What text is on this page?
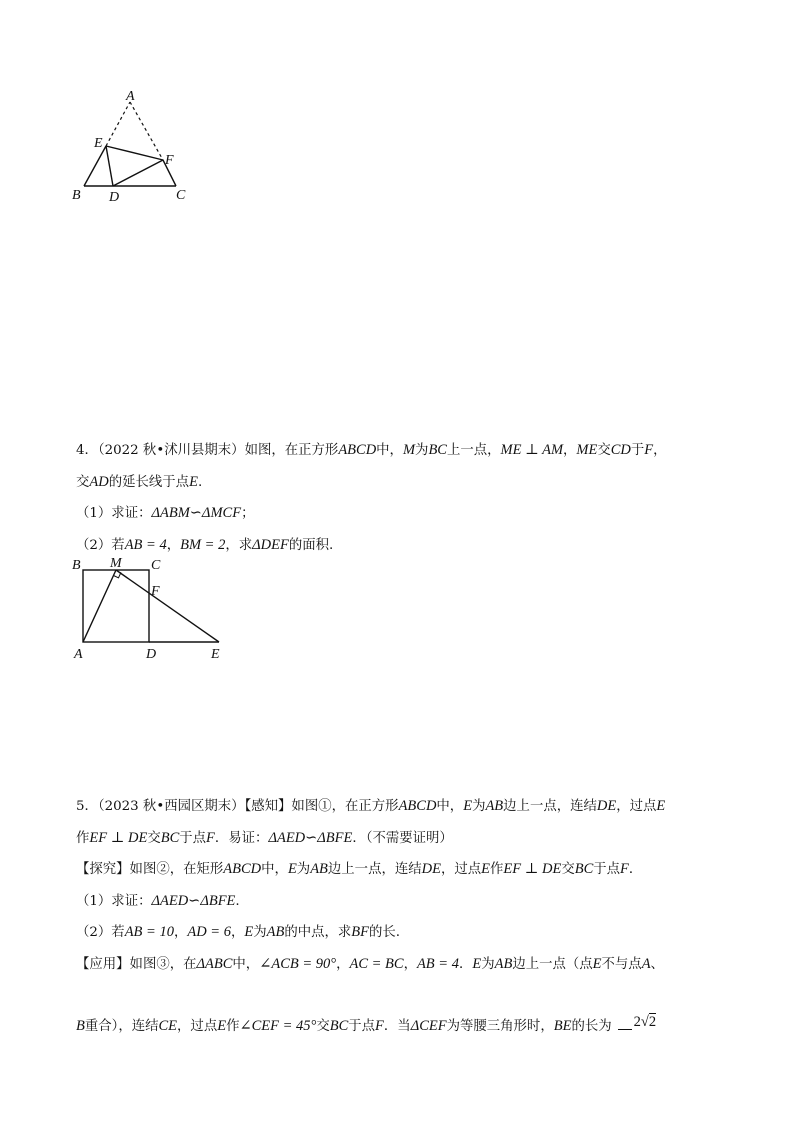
A
E
F
B D	C
4．（2022 秋•沭川县期末）如图，在正方形ABCD中，M为BC上一点，ME ⊥ AM，ME交CD于F，
交AD的延长线于点E.
（1）求证：ΔABM∽ΔMCF；
（2）若AB = 4，BM = 2，求ΔDEF的面积.
B M C
F
A	D	E
5．（2023 秋•西园区期末）【感知】如图①，在正方形ABCD中，E为AB边上一点，连结DE，过点E
作EF ⊥ DE交BC于点F．易证：ΔAED∽ΔBFE．（不需要证明）
【探究】如图②，在矩形ABCD中，E为AB边上一点，连结DE，过点E作EF ⊥ DE交BC于点F．
（1）求证：ΔAED∽ΔBFE.
（2）若AB = 10，AD = 6，E为AB的中点，求BF的长.
【应用】如图③，在ΔABC中，∠ACB = 90°，AC = BC，AB = 4．E为AB边上一点（点E不与点A、
B重合），连结CE，过点E作∠CEF = 45°交BC于点F．当ΔCEF为等腰三角形时，BE的长为 2√2
